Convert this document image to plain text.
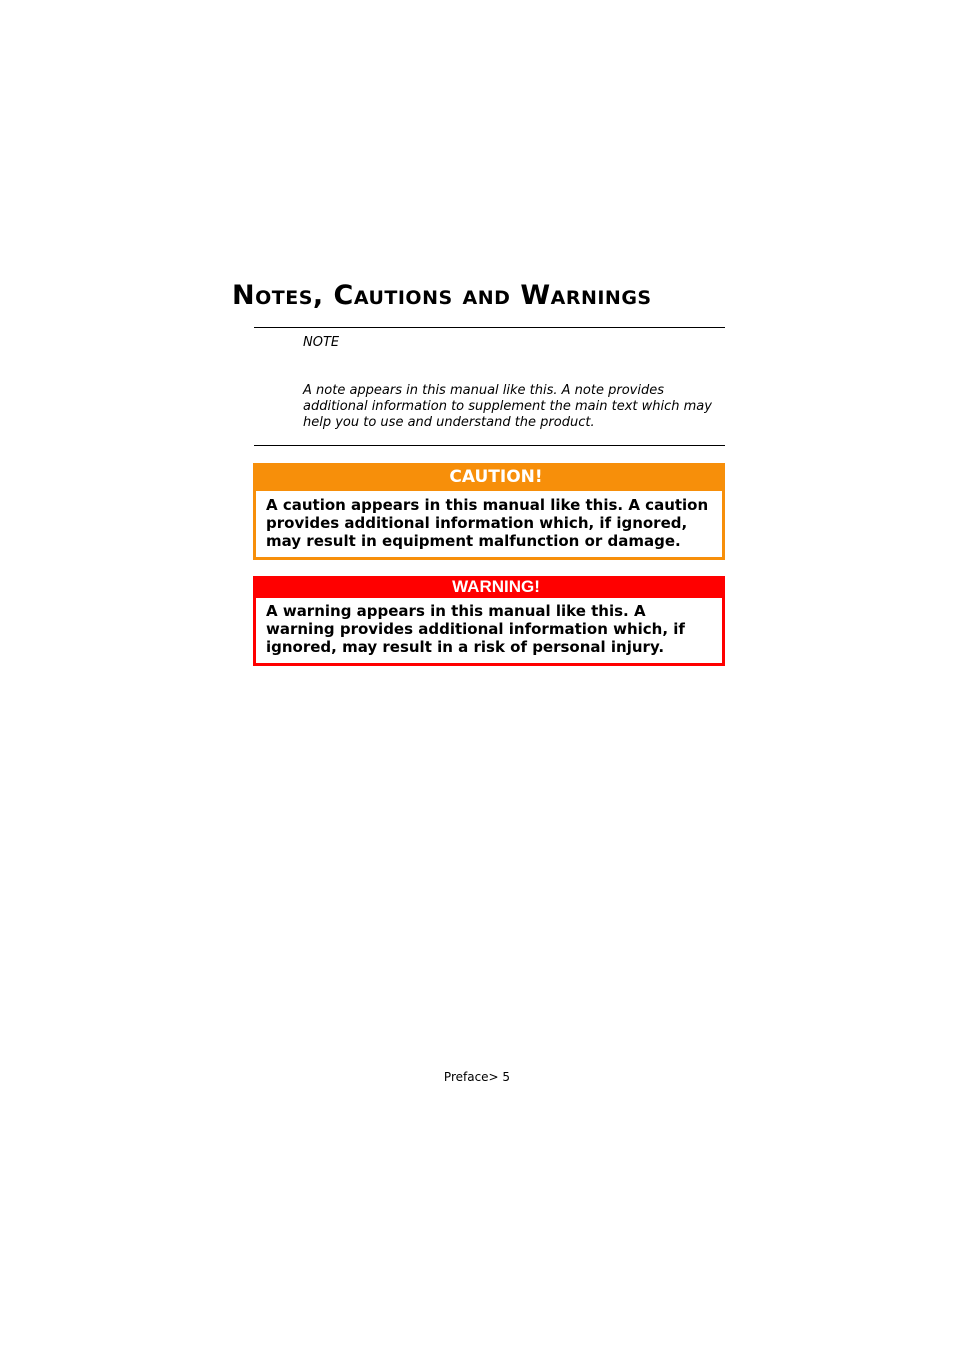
Notes, Cautions and Warnings
NOTE
A note appears in this manual like this. A note provides additional information to supplement the main text which may help you to use and understand the product.
CAUTION!
A caution appears in this manual like this. A caution provides additional information which, if ignored, may result in equipment malfunction or damage.
WARNING!
A warning appears in this manual like this. A warning provides additional information which, if ignored, may result in a risk of personal injury.
Preface> 5
